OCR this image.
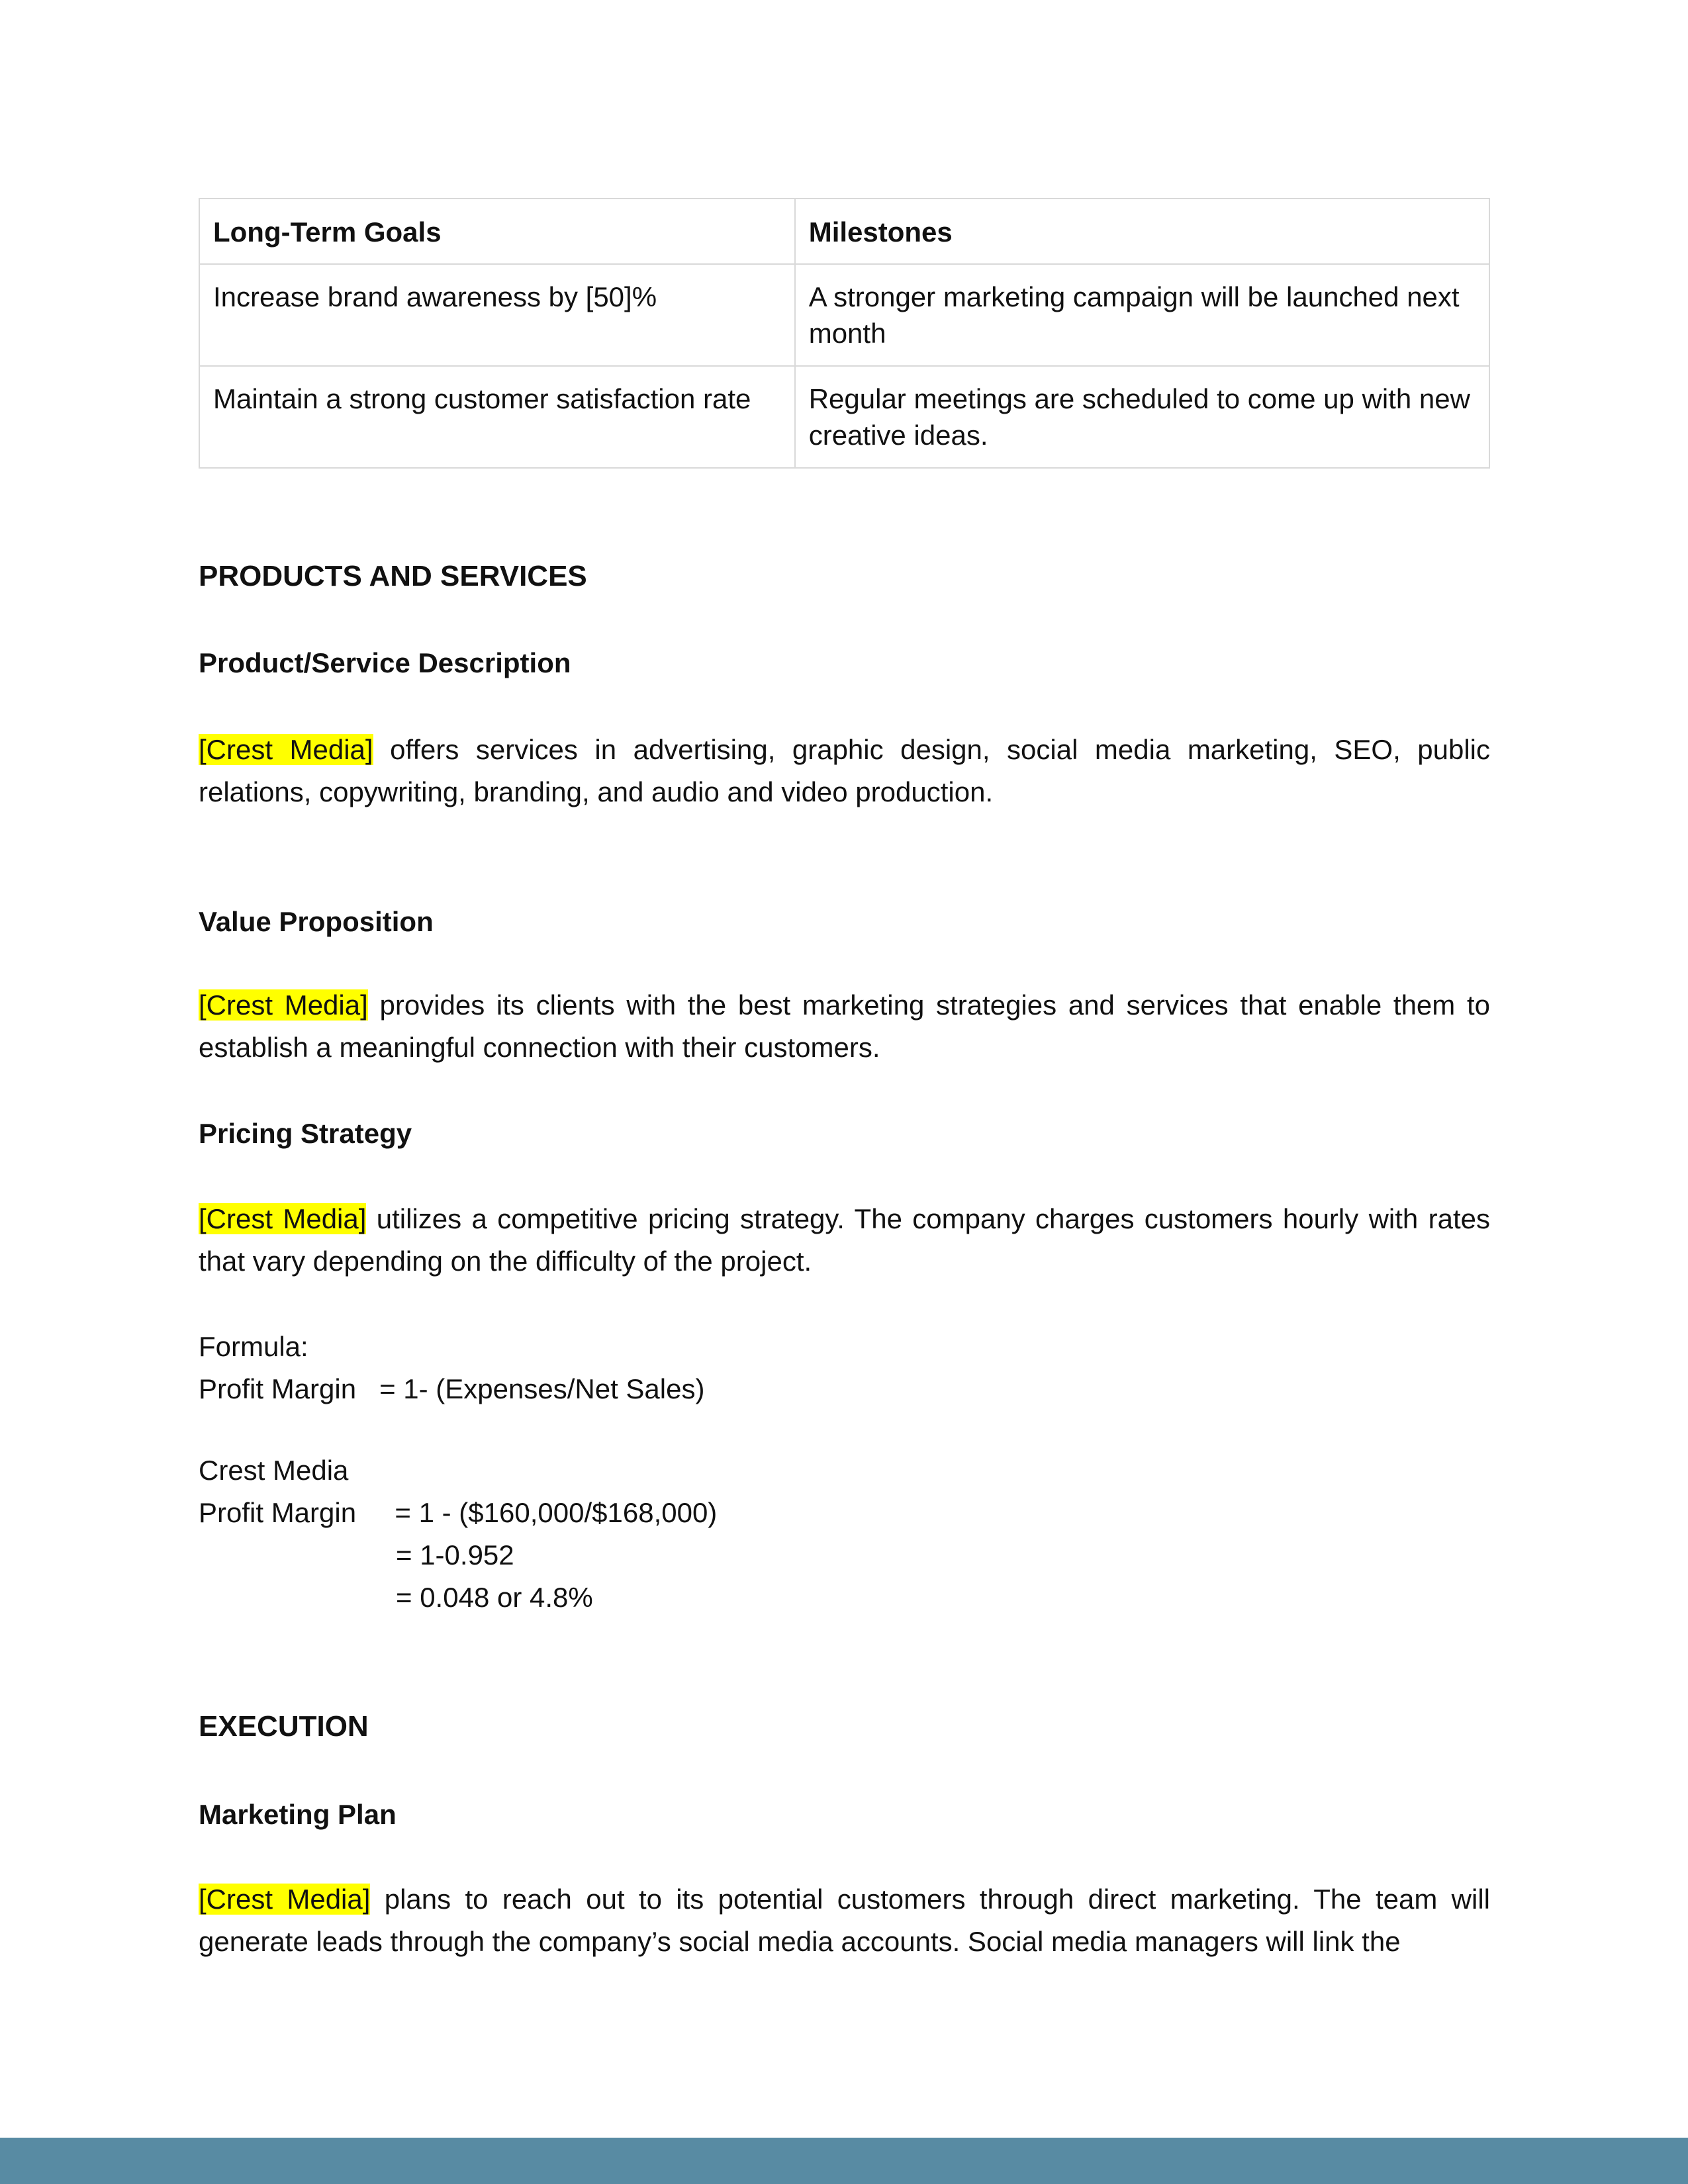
Long-Term Goals	Milestones
Increase brand awareness by [50]%	A stronger marketing campaign will be launched next month
Maintain a strong customer satisfaction rate	Regular meetings are scheduled to come up with new creative ideas.
PRODUCTS AND SERVICES
Product/Service Description
[Crest Media] offers services in advertising, graphic design, social media marketing, SEO, public relations, copywriting, branding, and audio and video production.
Value Proposition
[Crest Media] provides its clients with the best marketing strategies and services that enable them to establish a meaningful connection with their customers.
Pricing Strategy
[Crest Media] utilizes a competitive pricing strategy. The company charges customers hourly with rates that vary depending on the difficulty of the project.
Formula:
Profit Margin   = 1- (Expenses/Net Sales)
Crest Media
Profit Margin     = 1 - ($160,000/$168,000)
= 1-0.952
= 0.048 or 4.8%
EXECUTION
Marketing Plan
[Crest Media] plans to reach out to its potential customers through direct marketing. The team will generate leads through the company’s social media accounts. Social media managers will link the
